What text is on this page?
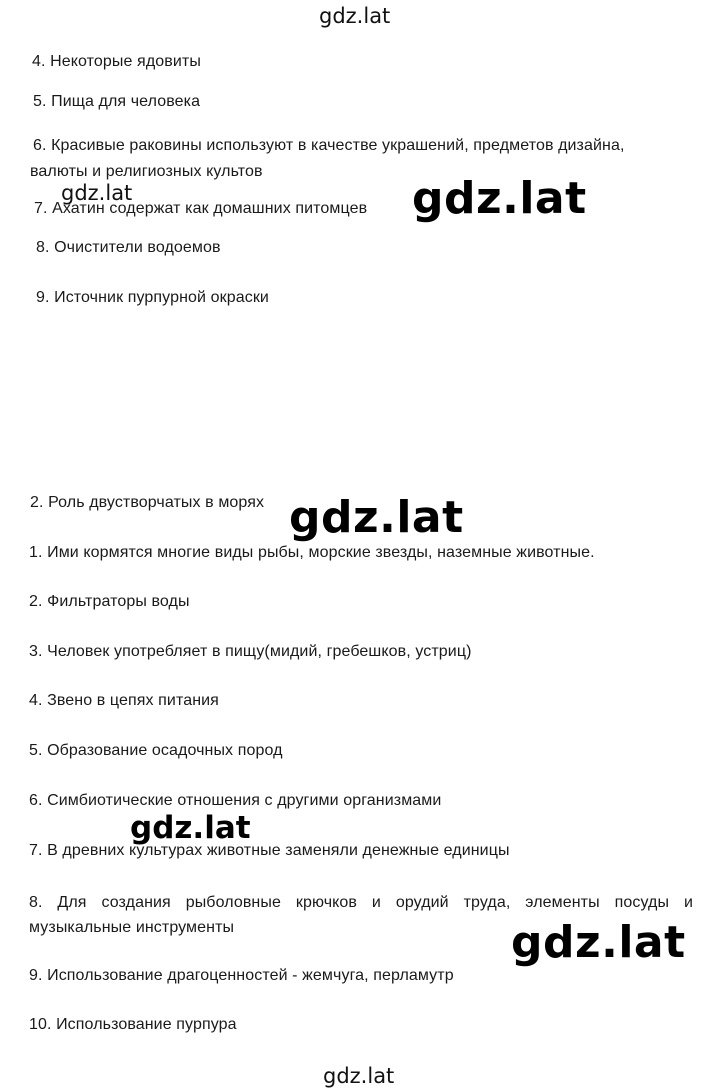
gdz.lat
4. Некоторые ядовиты
5. Пища для человека
6. Красивые раковины используют в качестве украшений, предметов дизайна, валюты и религиозных культов
7. Ахатин содержат как домашних питомцев
8. Очистители водоемов
9. Источник пурпурной окраски
gdz.lat	gdz.lat
2. Роль двустворчатых в морях gdz.lat
1. Ими кормятся многие виды рыбы, морские звезды, наземные животные.
2. Фильтраторы воды
3. Человек употребляет в пищу(мидий, гребешков, устриц)
4. Звено в цепях питания
5. Образование осадочных пород
6. Симбиотические отношения с другими организмами
gdz.lat
7. В древних культурах животные заменяли денежные единицы
8. Для создания рыболовные крючков и орудий труда, элементы посуды и музыкальные инструменты	gdz.lat
9. Использование драгоценностей - жемчуга, перламутр
10. Использование пурпура
gdz.lat
